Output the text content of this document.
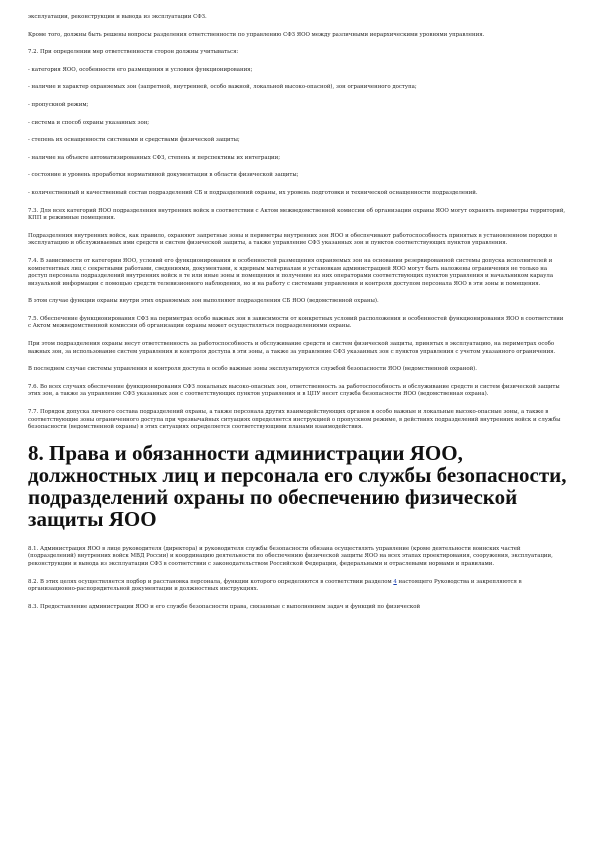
эксплуатации, реконструкции и вывода из эксплуатации СФЗ.

Кроме того, должны быть решены вопросы разделения ответственности по управлению СФЗ ЯОО между различными иерархическими уровнями управления.

7.2. При определении мер ответственности сторон должны учитываться:

- категория ЯОО, особенности его размещения и условия функционирования;

- наличие и характер охраняемых зон (запретной, внутренней, особо важной, локальной высоко-опасной), зон ограниченного доступа;

- пропускной режим;

- система и способ охраны указанных зон;

- степень их оснащенности системами и средствами физической защиты;

- наличие на объекте автоматизированных СФЗ, степень и перспективы их интеграции;

- состояние и уровень проработки нормативной документации в области физической защиты;

- количественный и качественный состав подразделений СБ и подразделений охраны, их уровень подготовки и технической оснащенности подразделений.

7.3. Для всех категорий ЯОО подразделения внутренних войск в соответствии с Актом межведомственной комиссии об организации охраны ЯОО могут охранять периметры территорий, КПП и режимные помещения.

Подразделения внутренних войск, как правило, охраняют запретные зоны и периметры внутренних зон ЯОО и обеспечивают работоспособность принятых в установленном порядке в эксплуатацию и обслуживаемых ими средств и систем физической защиты, а также управление СФЗ указанных зон и пунктов соответствующих пунктов управления.

7.4. В зависимости от категории ЯОО, условий его функционирования и особенностей размещения охраняемых зон на основании резервированной системы допуска исполнителей и компетентных лиц с секретными работами, сведениями, документами, к ядерным материалам и установкам администрацией ЯОО могут быть наложены ограничения не только на доступ персонала подразделений внутренних войск в те или иные зоны и помещения и получение из них операторами соответствующих пунктов управления и начальником караула визуальной информации с помощью средств телевизионного наблюдения, но и на работу с системами управления и контроля доступом персонала ЯОО в эти зоны и помещения.

В этом случае функции охраны внутри этих охраняемых зон выполняют подразделения СБ ЯОО (ведомственной охраны).

7.5. Обеспечение функционирования СФЗ на периметрах особо важных зон в зависимости от конкретных условий расположения и особенностей функционирования ЯОО в соответствии с Актом межведомственной комиссии об организации охраны может осуществляться подразделениями охраны.

При этом подразделения охраны несут ответственность за работоспособность и обслуживание средств и систем физической защиты, принятых в эксплуатацию, на периметрах особо важных зон, за использование систем управления и контроля доступа в эти зоны, а также за управление СФЗ указанных зон с пунктов управления с учетом указанного ограничения.

В последнем случае системы управления и контроля доступа в особо важные зоны эксплуатируются службой безопасности ЯОО (ведомственной охраной).

7.6. Во всех случаях обеспечение функционирования СФЗ локальных высоко-опасных зон, ответственность за работоспособность и обслуживание средств и систем физической защиты этих зон, а также за управление СФЗ указанных зон с соответствующих пунктов управления и в ЦПУ несет служба безопасности ЯОО (ведомственная охрана).

7.7. Порядок допуска личного состава подразделений охраны, а также персонала других взаимодействующих органов в особо важные и локальные высоко-опасные зоны, а также в соответствующие зоны ограниченного доступа при чрезвычайных ситуациях определяется инструкцией о пропускном режиме, в действиях подразделений внутренних войск и службы безопасности (ведомственной охраны) в этих ситуациях определяется соответствующими планами взаимодействия.

8. Права и обязанности администрации ЯОО, должностных лиц и персонала его службы безопасности, подразделений охраны по обеспечению физической защиты ЯОО

8.1. Администрация ЯОО в лице руководителя (директора) и руководителя службы безопасности обязана осуществлять управление (кроме деятельности воинских частей (подразделений) внутренних войск МВД России) и координацию деятельности по обеспечению физической защиты ЯОО на всех этапах проектирования, сооружения, эксплуатации, реконструкции и вывода из эксплуатации СФЗ в соответствии с законодательством Российской Федерации, федеральными и отраслевыми нормами и правилами.

8.2. В этих целях осуществляется подбор и расстановка персонала, функции которого определяются в соответствии разделом 4 настоящего Руководства и закрепляются в организационно-распорядительной документации и должностных инструкциях.

8.3. Предоставление администрации ЯОО и его службе безопасности права, связанные с выполнением задач и функций по физической
